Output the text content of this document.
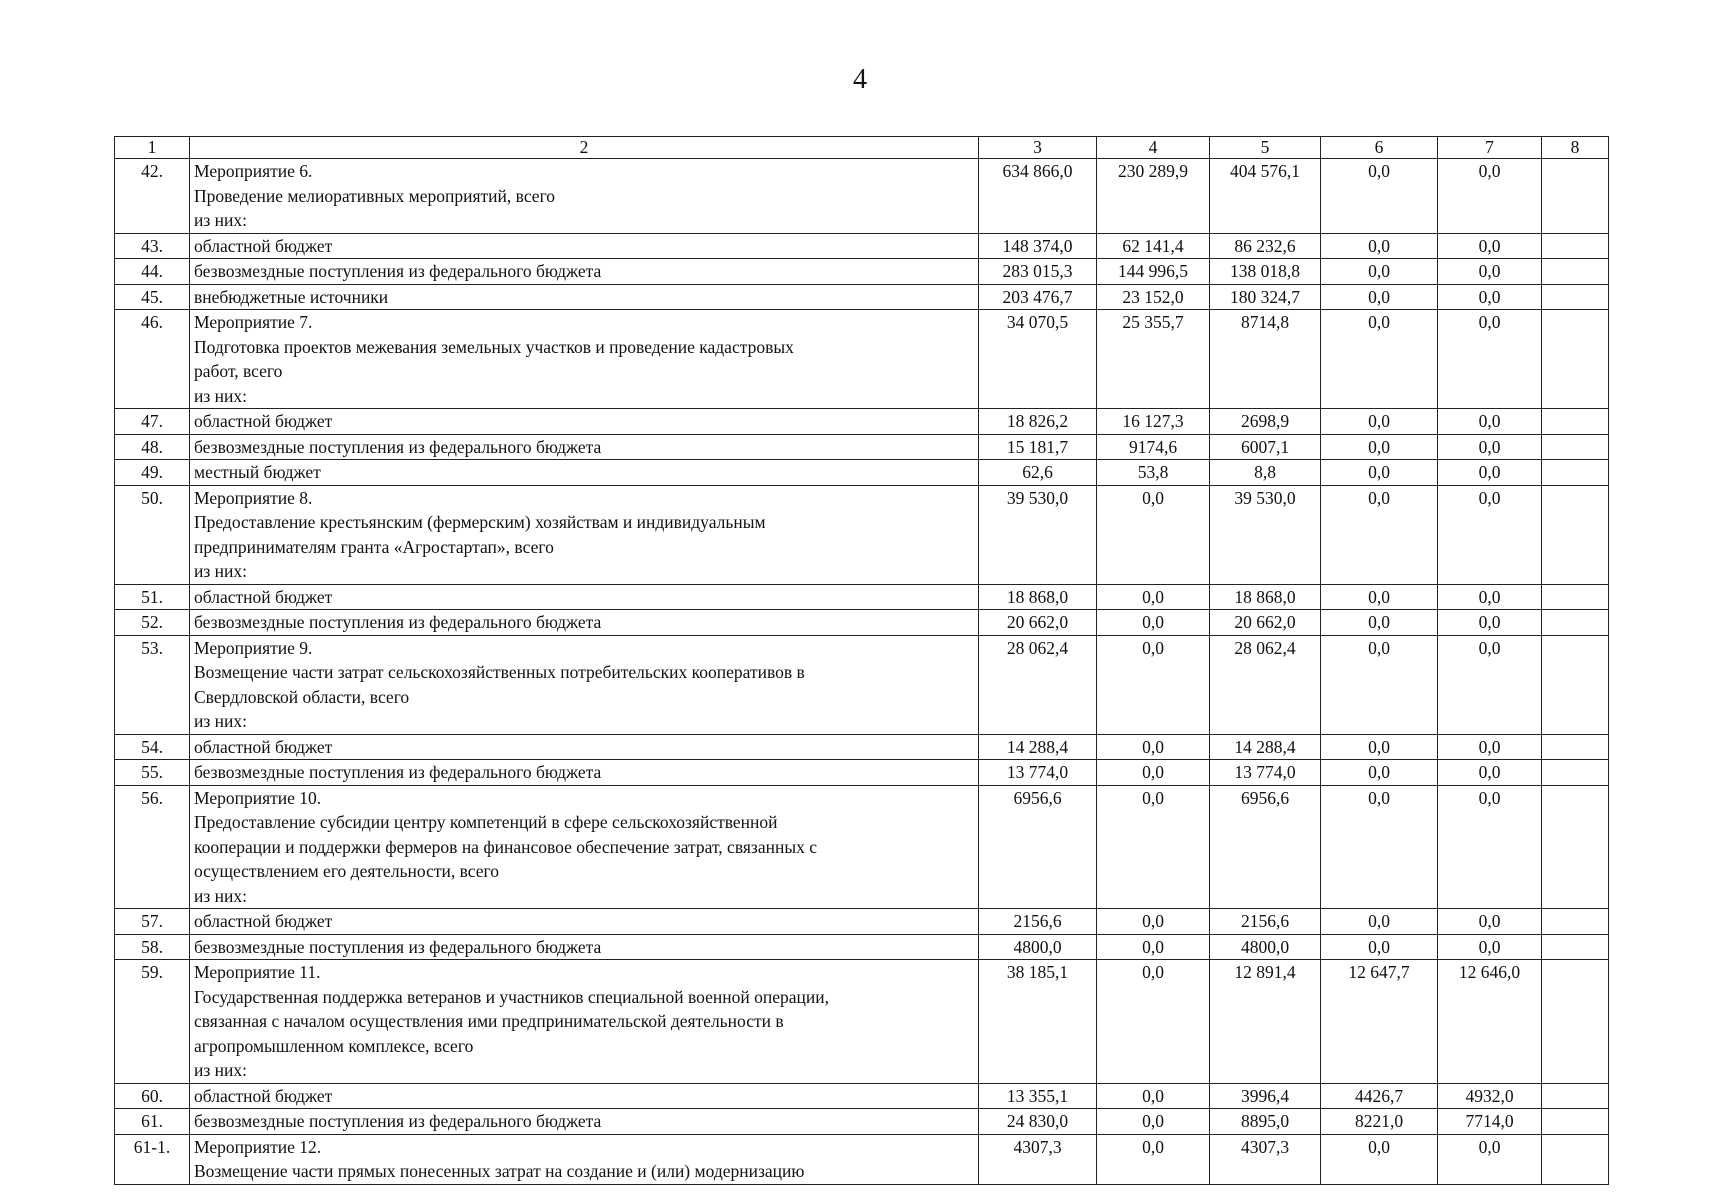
4
1	2	3	4	5	6	7	8
42.	Мероприятие 6.
Проведение мелиоративных мероприятий, всего
из них:	634 866,0	230 289,9	404 576,1	0,0	0,0	
43.	областной бюджет	148 374,0	62 141,4	86 232,6	0,0	0,0	
44.	безвозмездные поступления из федерального бюджета	283 015,3	144 996,5	138 018,8	0,0	0,0	
45.	внебюджетные источники	203 476,7	23 152,0	180 324,7	0,0	0,0	
46.	Мероприятие 7.
Подготовка проектов межевания земельных участков и проведение кадастровых
работ, всего
из них:	34 070,5	25 355,7	8714,8	0,0	0,0	
47.	областной бюджет	18 826,2	16 127,3	2698,9	0,0	0,0	
48.	безвозмездные поступления из федерального бюджета	15 181,7	9174,6	6007,1	0,0	0,0	
49.	местный бюджет	62,6	53,8	8,8	0,0	0,0	
50.	Мероприятие 8.
Предоставление крестьянским (фермерским) хозяйствам и индивидуальным
предпринимателям гранта «Агростартап», всего
из них:	39 530,0	0,0	39 530,0	0,0	0,0	
51.	областной бюджет	18 868,0	0,0	18 868,0	0,0	0,0	
52.	безвозмездные поступления из федерального бюджета	20 662,0	0,0	20 662,0	0,0	0,0	
53.	Мероприятие 9.
Возмещение части затрат сельскохозяйственных потребительских кооперативов в
Свердловской области, всего
из них:	28 062,4	0,0	28 062,4	0,0	0,0	
54.	областной бюджет	14 288,4	0,0	14 288,4	0,0	0,0	
55.	безвозмездные поступления из федерального бюджета	13 774,0	0,0	13 774,0	0,0	0,0	
56.	Мероприятие 10.
Предоставление субсидии центру компетенций в сфере сельскохозяйственной
кооперации и поддержки фермеров на финансовое обеспечение затрат, связанных с
осуществлением его деятельности, всего
из них:	6956,6	0,0	6956,6	0,0	0,0	
57.	областной бюджет	2156,6	0,0	2156,6	0,0	0,0	
58.	безвозмездные поступления из федерального бюджета	4800,0	0,0	4800,0	0,0	0,0	
59.	Мероприятие 11.
Государственная поддержка ветеранов и участников специальной военной операции,
связанная с началом осуществления ими предпринимательской деятельности в
агропромышленном комплексе, всего
из них:	38 185,1	0,0	12 891,4	12 647,7	12 646,0	
60.	областной бюджет	13 355,1	0,0	3996,4	4426,7	4932,0	
61.	безвозмездные поступления из федерального бюджета	24 830,0	0,0	8895,0	8221,0	7714,0	
61-1.	Мероприятие 12.
Возмещение части прямых понесенных затрат на создание и (или) модернизацию	4307,3	0,0	4307,3	0,0	0,0	
